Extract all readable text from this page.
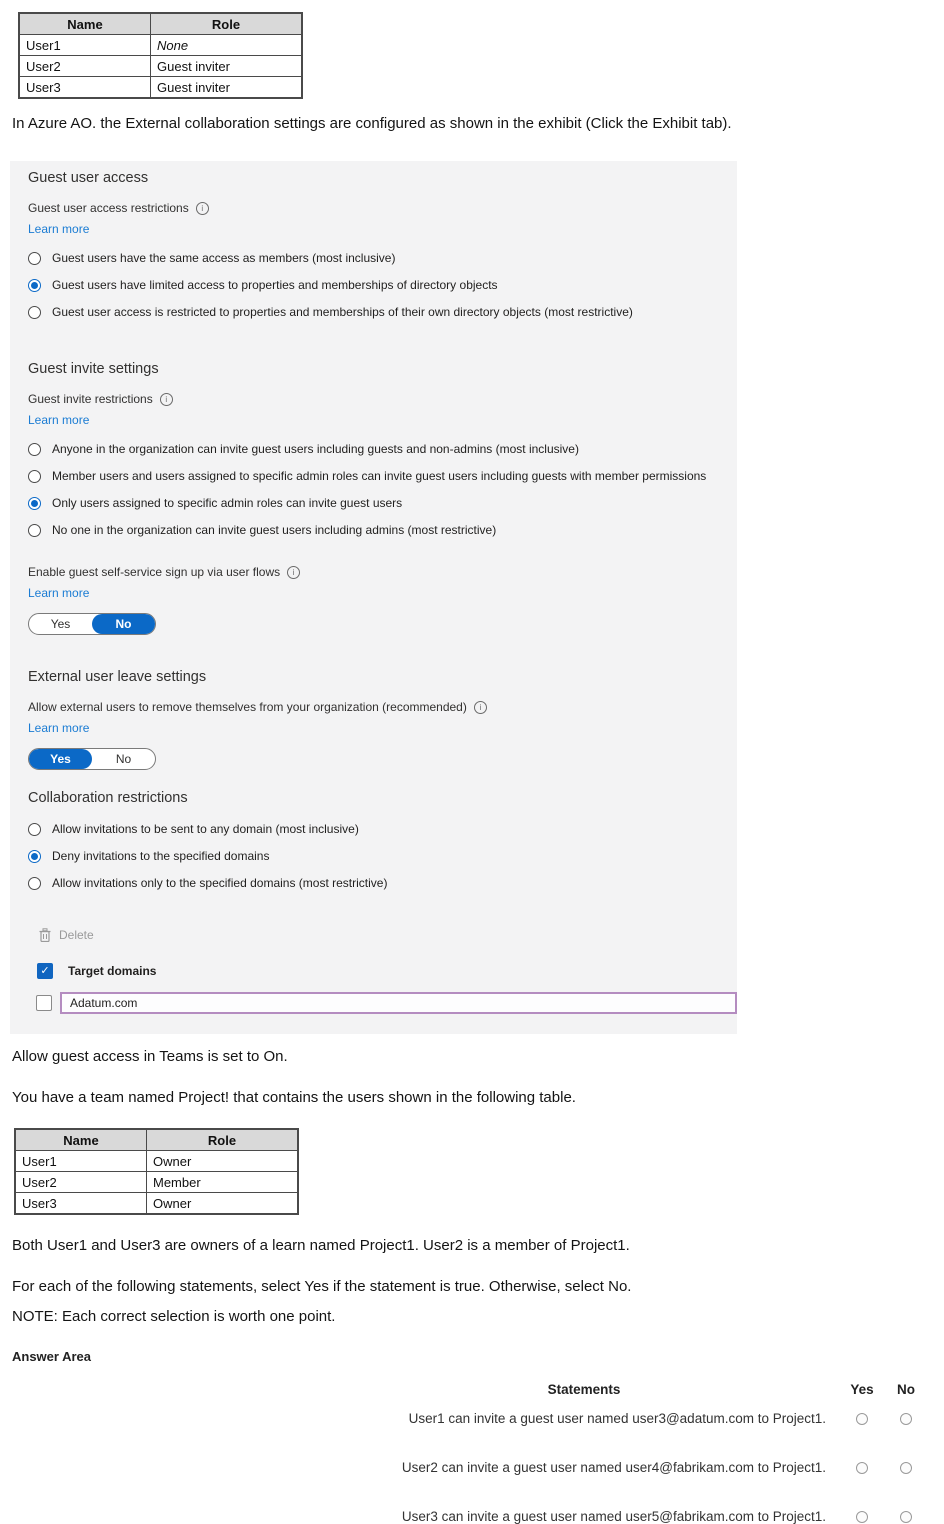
Name	Role
User1	None
User2	Guest inviter
User3	Guest inviter
In Azure AO. the External collaboration settings are configured as shown in the exhibit (Click the Exhibit tab).
Guest user access
Guest user access restrictions
i
Learn more
Guest users have the same access as members (most inclusive)
Guest users have limited access to properties and memberships of directory objects
Guest user access is restricted to properties and memberships of their own directory objects (most restrictive)
Guest invite settings
Guest invite restrictions
i
Learn more
Anyone in the organization can invite guest users including guests and non-admins (most inclusive)
Member users and users assigned to specific admin roles can invite guest users including guests with member permissions
Only users assigned to specific admin roles can invite guest users
No one in the organization can invite guest users including admins (most restrictive)
Enable guest self-service sign up via user flows
i
Learn more
Yes	No
External user leave settings
Allow external users to remove themselves from your organization (recommended)
i
Learn more
Yes	No
Collaboration restrictions
Allow invitations to be sent to any domain (most inclusive)
Deny invitations to the specified domains
Allow invitations only to the specified domains (most restrictive)
Delete
✓
Target domains
Adatum.com
Allow guest access in Teams is set to On.
You have a team named Project! that contains the users shown in the following table.
Name	Role
User1	Owner
User2	Member
User3	Owner
Both User1 and User3 are owners of a learn named Project1. User2 is a member of Project1.
For each of the following statements, select Yes if the statement is true. Otherwise, select No.
NOTE: Each correct selection is worth one point.
Answer Area
Statements	Yes	No
User1 can invite a guest user named user3@adatum.com to Project1.
User2 can invite a guest user named user4@fabrikam.com to Project1.
User3 can invite a guest user named user5@fabrikam.com to Project1.
